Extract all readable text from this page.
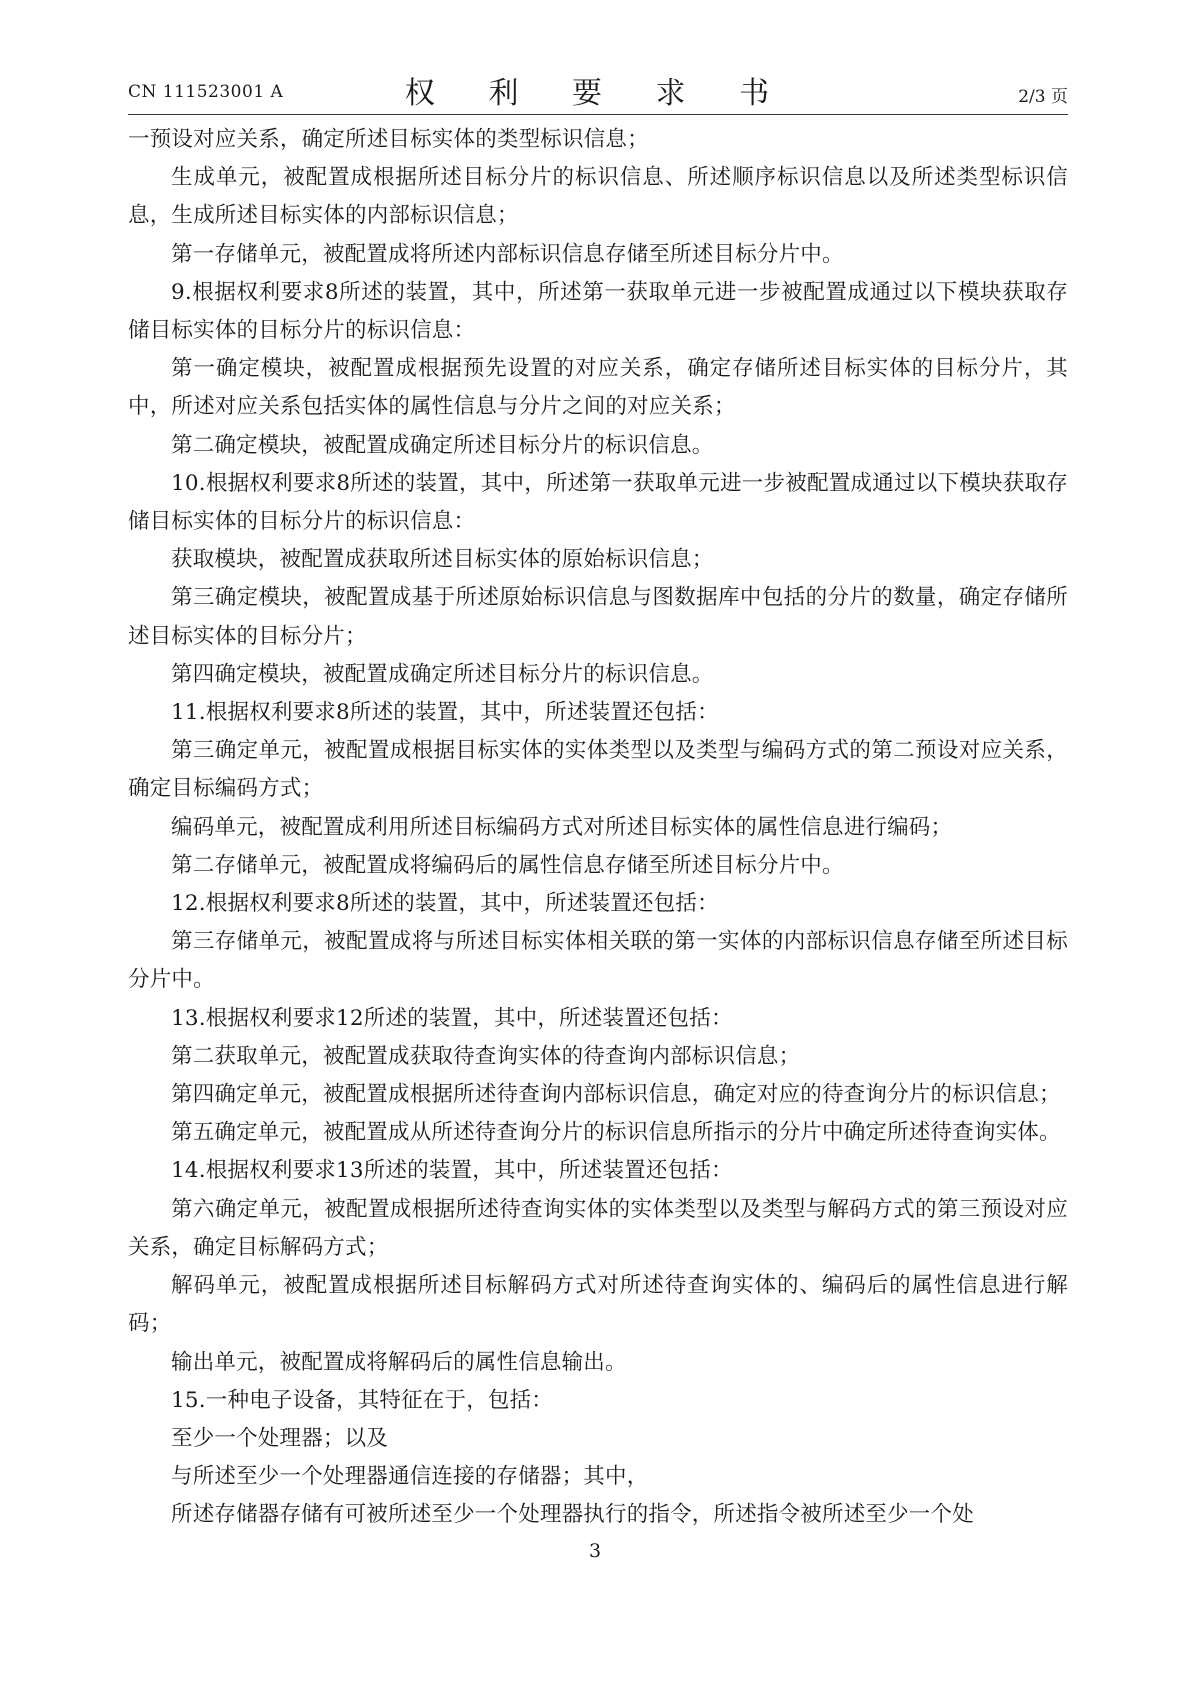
CN 111523001 A	权 利 要 求 书	2/3 页

一预设对应关系，确定所述目标实体的类型标识信息；

生成单元，被配置成根据所述目标分片的标识信息、所述顺序标识信息以及所述类型标识信息，生成所述目标实体的内部标识信息；

第一存储单元，被配置成将所述内部标识信息存储至所述目标分片中。

9.根据权利要求8所述的装置，其中，所述第一获取单元进一步被配置成通过以下模块获取存储目标实体的目标分片的标识信息：

第一确定模块，被配置成根据预先设置的对应关系，确定存储所述目标实体的目标分片，其中，所述对应关系包括实体的属性信息与分片之间的对应关系；

第二确定模块，被配置成确定所述目标分片的标识信息。

10.根据权利要求8所述的装置，其中，所述第一获取单元进一步被配置成通过以下模块获取存储目标实体的目标分片的标识信息：

获取模块，被配置成获取所述目标实体的原始标识信息；

第三确定模块，被配置成基于所述原始标识信息与图数据库中包括的分片的数量，确定存储所述目标实体的目标分片；

第四确定模块，被配置成确定所述目标分片的标识信息。

11.根据权利要求8所述的装置，其中，所述装置还包括：

第三确定单元，被配置成根据目标实体的实体类型以及类型与编码方式的第二预设对应关系，确定目标编码方式；

编码单元，被配置成利用所述目标编码方式对所述目标实体的属性信息进行编码；

第二存储单元，被配置成将编码后的属性信息存储至所述目标分片中。

12.根据权利要求8所述的装置，其中，所述装置还包括：

第三存储单元，被配置成将与所述目标实体相关联的第一实体的内部标识信息存储至所述目标分片中。

13.根据权利要求12所述的装置，其中，所述装置还包括：

第二获取单元，被配置成获取待查询实体的待查询内部标识信息；

第四确定单元，被配置成根据所述待查询内部标识信息，确定对应的待查询分片的标识信息；

第五确定单元，被配置成从所述待查询分片的标识信息所指示的分片中确定所述待查询实体。

14.根据权利要求13所述的装置，其中，所述装置还包括：

第六确定单元，被配置成根据所述待查询实体的实体类型以及类型与解码方式的第三预设对应关系，确定目标解码方式；

解码单元，被配置成根据所述目标解码方式对所述待查询实体的、编码后的属性信息进行解码；

输出单元，被配置成将解码后的属性信息输出。

15.一种电子设备，其特征在于，包括：

至少一个处理器；以及

与所述至少一个处理器通信连接的存储器；其中，

所述存储器存储有可被所述至少一个处理器执行的指令，所述指令被所述至少一个处

3
